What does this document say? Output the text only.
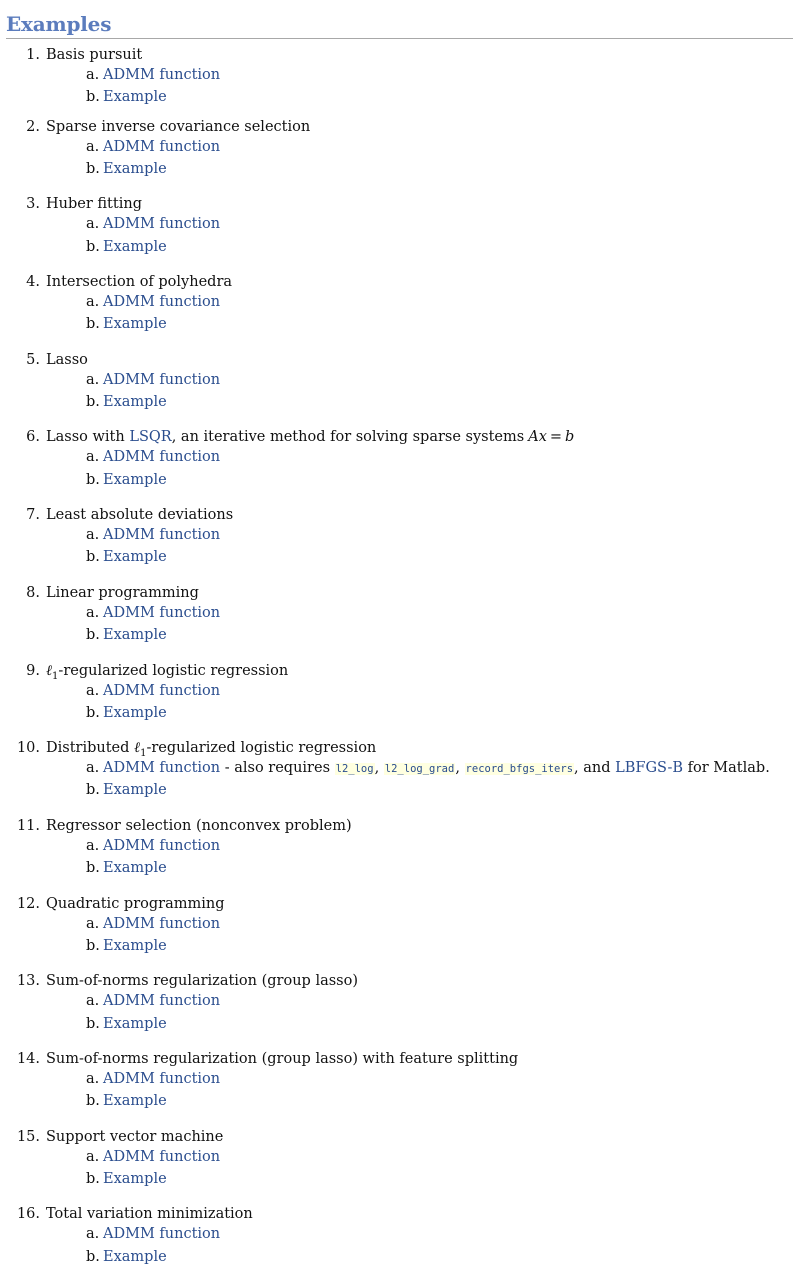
Examples
1. Basis pursuit
a. ADMM function
b. Example
2. Sparse inverse covariance selection
a. ADMM function
b. Example
3. Huber fitting
a. ADMM function
b. Example
4. Intersection of polyhedra
a. ADMM function
b. Example
5. Lasso
a. ADMM function
b. Example
6. Lasso with LSQR, an iterative method for solving sparse systems Ax = b
a. ADMM function
b. Example
7. Least absolute deviations
a. ADMM function
b. Example
8. Linear programming
a. ADMM function
b. Example
9. ℓ$_1$-regularized logistic regression
a. ADMM function
b. Example
10. Distributed ℓ$_1$-regularized logistic regression
a. ADMM function - also requires l2_log, l2_log_grad, record_bfgs_iters, and LBFGS-B for Matlab.
b. Example
11. Regressor selection (nonconvex problem)
a. ADMM function
b. Example
12. Quadratic programming
a. ADMM function
b. Example
13. Sum-of-norms regularization (group lasso)
a. ADMM function
b. Example
14. Sum-of-norms regularization (group lasso) with feature splitting
a. ADMM function
b. Example
15. Support vector machine
a. ADMM function
b. Example
16. Total variation minimization
a. ADMM function
b. Example
